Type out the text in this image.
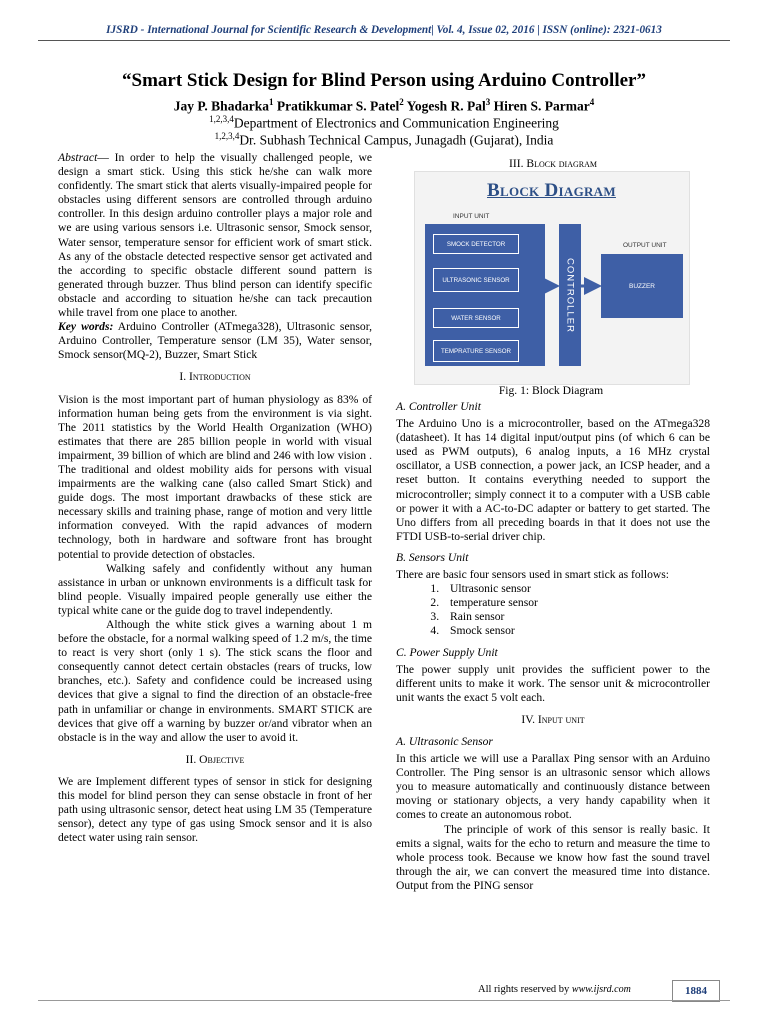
IJSRD - International Journal for Scientific Research & Development| Vol. 4, Issue 02, 2016 | ISSN (online): 2321-0613
“Smart Stick Design for Blind Person using Arduino Controller”
Jay P. Bhadarka$^1$ Pratikkumar S. Patel$^2$ Yogesh R. Pal$^3$ Hiren S. Parmar$^4$
$^{1,2,3,4}$Department of Electronics and Communication Engineering
$^{1,2,3,4}$Dr. Subhash Technical Campus, Junagadh (Gujarat), India

Abstract— In order to help the visually challenged people, we design a smart stick. Using this stick he/she can walk more confidently. The smart stick that alerts visually-impaired people for obstacles using different sensors are controlled through arduino controller. In this design arduino controller plays a major role and we are using various sensors i.e. Ultrasonic sensor, Smock sensor, Water sensor, temperature sensor for efficient work of smart stick. As any of the obstacle detected respective sensor get activated and the according to specific obstacle different sound pattern is generated through buzzer. Thus blind person can identify specific obstacle and according to situation he/she can tack precaution while travel from one place to another.

Key words: Arduino Controller (ATmega328), Ultrasonic sensor, Arduino Controller, Temperature sensor (LM 35), Water sensor, Smock sensor(MQ-2), Buzzer, Smart Stick

I. Introduction

Vision is the most important part of human physiology as 83% of information human being gets from the environment is via sight. The 2011 statistics by the World Health Organization (WHO) estimates that there are 285 billion people in world with visual impairment, 39 billion of which are blind and 246 with low vision . The traditional and oldest mobility aids for persons with visual impairments are the walking cane (also called Smart Stick) and guide dogs. The most important drawbacks of these stick are necessary skills and training phase, range of motion and very little information conveyed. With the rapid advances of modern technology, both in hardware and software front has brought potential to provide detection of obstacles.

Walking safely and confidently without any human assistance in urban or unknown environments is a difficult task for blind people. Visually impaired people generally use either the typical white cane or the guide dog to travel independently.

Although the white stick gives a warning about 1 m before the obstacle, for a normal walking speed of 1.2 m/s, the time to react is very short (only 1 s). The stick scans the floor and consequently cannot detect certain obstacles (rears of trucks, low branches, etc.). Safety and confidence could be increased using devices that give a signal to find the direction of an obstacle-free path in unfamiliar or change in environments. SMART STICK are devices that give off a warning by buzzer or/and vibrator when an obstacle is in the way and allow the user to avoid it.

II. Objective

We are Implement different types of sensor in stick for designing this model for blind person they can sense obstacle in front of her path using ultrasonic sensor, detect heat using LM 35 (Temperature sensor), detect any type of gas using Smock sensor and it is also detect water using rain sensor.

III. Block diagram
Block Diagram
INPUT UNIT
OUTPUT UNIT
SMOCK DETECTOR
ULTRASONIC SENSOR
WATER SENSOR
TEMPRATURE SENSOR
CONTROLLER	BUZZER
Fig. 1: Block Diagram
A. Controller Unit

The Arduino Uno is a microcontroller, based on the ATmega328 (datasheet). It has 14 digital input/output pins (of which 6 can be used as PWM outputs), 6 analog inputs, a 16 MHz crystal oscillator, a USB connection, a power jack, an ICSP header, and a reset button. It contains everything needed to support the microcontroller; simply connect it to a computer with a USB cable or power it with a AC-to-DC adapter or battery to get started. The Uno differs from all preceding boards in that it does not use the FTDI USB-to-serial driver chip.

B. Sensors Unit

There are basic four sensors used in smart stick as follows:

1. Ultrasonic sensor
2. temperature sensor
3. Rain sensor
4. Smock sensor
C. Power Supply Unit

The power supply unit provides the sufficient power to the different units to make it work. The sensor unit & microcontroller unit wants the exact 5 volt each.

IV. Input unit
A. Ultrasonic Sensor

In this article we will use a Parallax Ping sensor with an Arduino Controller. The Ping sensor is an ultrasonic sensor which allows you to measure automatically and continuously distance between moving or stationary objects, a very handy capability when it comes to create an autonomous robot.

The principle of work of this sensor is really basic. It emits a signal, waits for the echo to return and measure the time to whole process took. Because we know how fast the sound travel through the air, we can convert the measured time into distance. Output from the PING sensor

All rights reserved by www.ijsrd.com	1884
